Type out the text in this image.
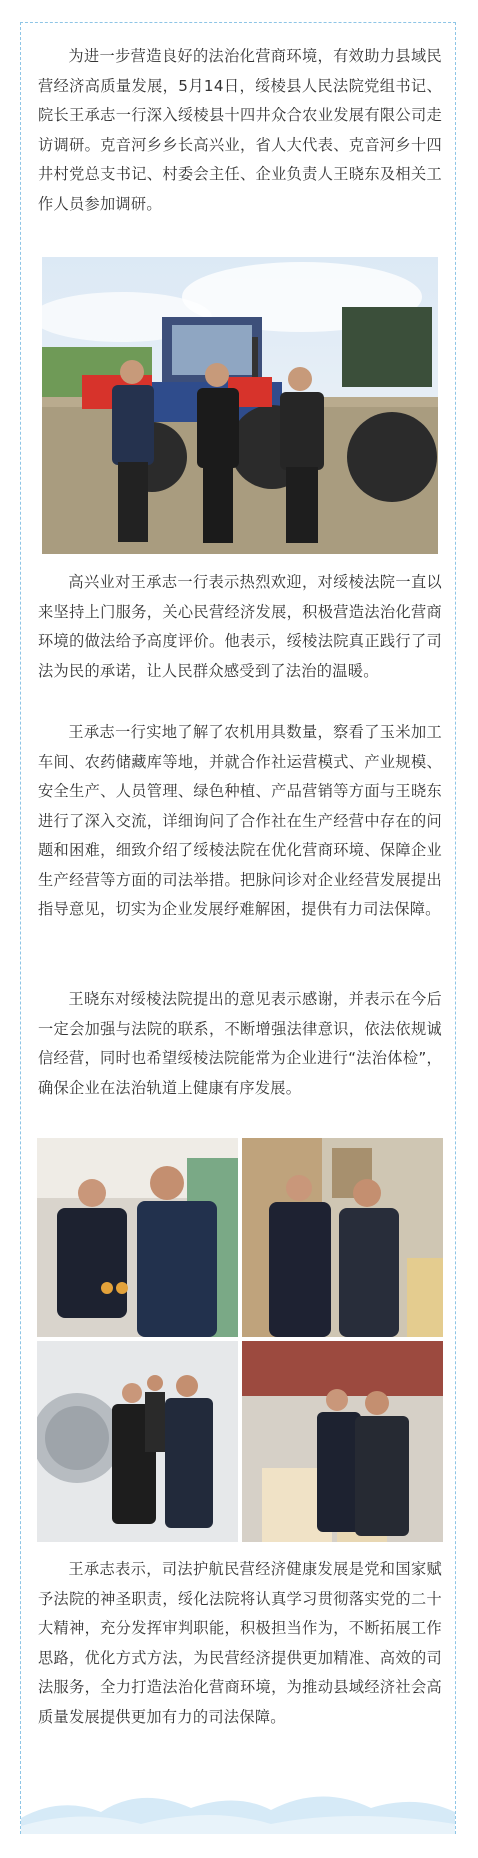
为进一步营造良好的法治化营商环境，有效助力县域民营经济高质量发展，5月14日，绥棱县人民法院党组书记、院长王承志一行深入绥棱县十四井众合农业发展有限公司走访调研。克音河乡乡长高兴业，省人大代表、克音河乡十四井村党总支书记、村委会主任、企业负责人王晓东及相关工作人员参加调研。

高兴业对王承志一行表示热烈欢迎，对绥棱法院一直以来坚持上门服务，关心民营经济发展，积极营造法治化营商环境的做法给予高度评价。他表示，绥棱法院真正践行了司法为民的承诺，让人民群众感受到了法治的温暖。

王承志一行实地了解了农机用具数量，察看了玉米加工车间、农药储藏库等地，并就合作社运营模式、产业规模、安全生产、人员管理、绿色种植、产品营销等方面与王晓东进行了深入交流，详细询问了合作社在生产经营中存在的问题和困难，细致介绍了绥棱法院在优化营商环境、保障企业生产经营等方面的司法举措。把脉问诊对企业经营发展提出指导意见，切实为企业发展纾难解困，提供有力司法保障。

王晓东对绥棱法院提出的意见表示感谢，并表示在今后一定会加强与法院的联系，不断增强法律意识，依法依规诚信经营，同时也希望绥棱法院能常为企业进行“法治体检”，确保企业在法治轨道上健康有序发展。

王承志表示，司法护航民营经济健康发展是党和国家赋予法院的神圣职责，绥化法院将认真学习贯彻落实党的二十大精神，充分发挥审判职能，积极担当作为，不断拓展工作思路，优化方式方法，为民营经济提供更加精准、高效的司法服务，全力打造法治化营商环境，为推动县域经济社会高质量发展提供更加有力的司法保障。
